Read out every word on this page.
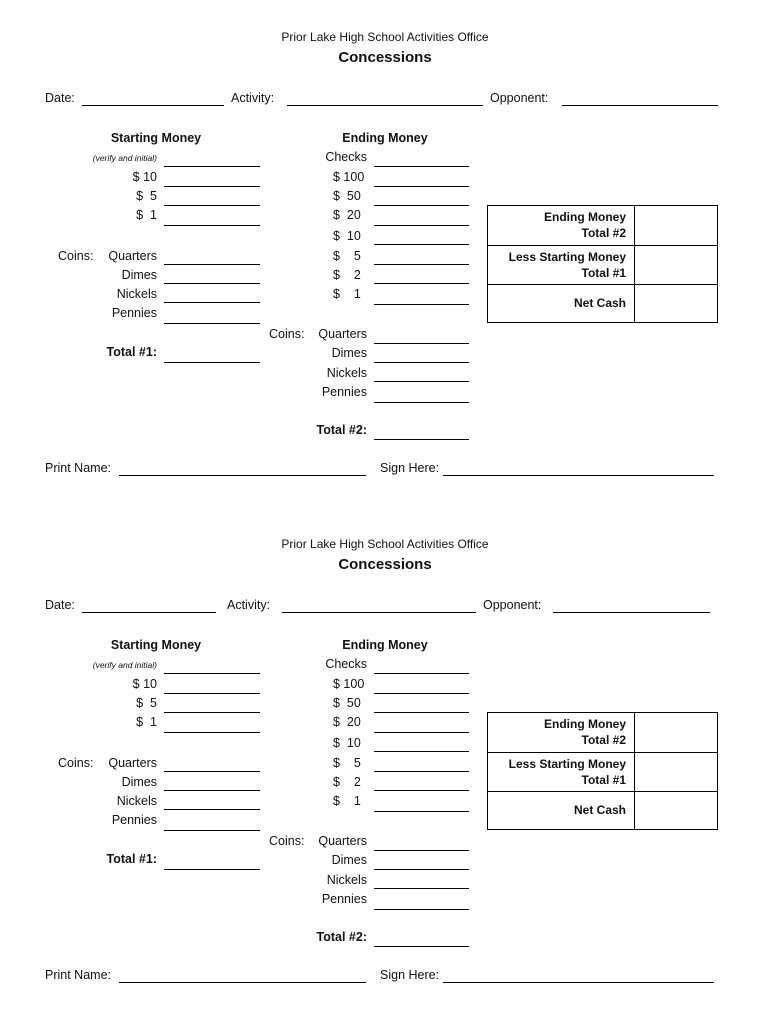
Prior Lake High School Activities Office
Concessions
Date:	Activity:	Opponent:
Starting Money
(verify and initial)
$ 10
$  5
$  1
Coins:	Quarters
Dimes
Nickels
Pennies
Total #1:
Ending Money
Checks
$ 100
$  50
$  20
$  10
$    5
$    2
$    1
Coins:	Quarters
Dimes
Nickels
Pennies
Total #2:
Ending Money
Total #2
Less Starting Money
Total #1
Net Cash
Print Name:	Sign Here:
Prior Lake High School Activities Office
Concessions
Date:	Activity:	Opponent:
Starting Money
(verify and initial)
$ 10
$  5
$  1
Coins:	Quarters
Dimes
Nickels
Pennies
Total #1:
Ending Money
Checks
$ 100
$  50
$  20
$  10
$    5
$    2
$    1
Coins:	Quarters
Dimes
Nickels
Pennies
Total #2:
Ending Money
Total #2
Less Starting Money
Total #1
Net Cash
Print Name:	Sign Here:
